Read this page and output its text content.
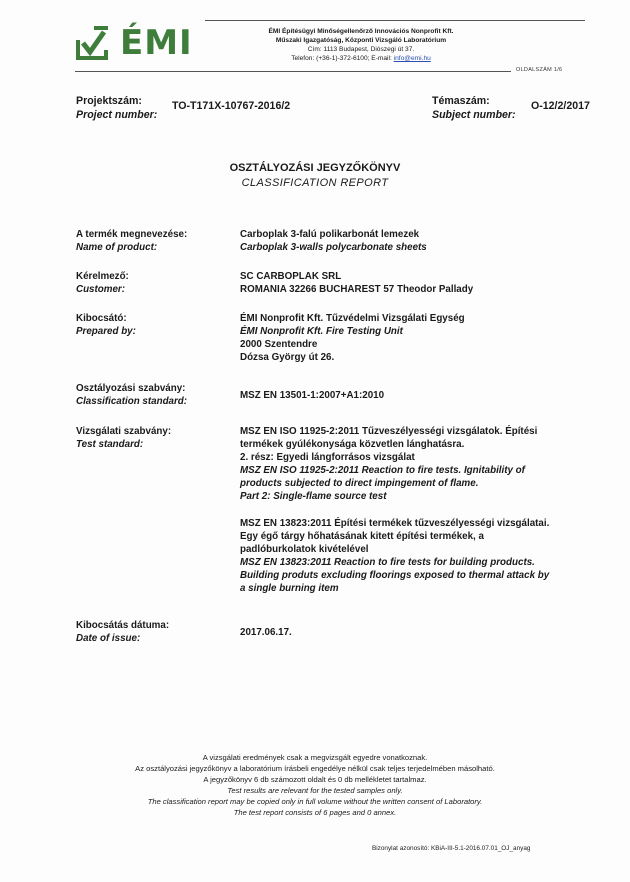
ÉMI	ÉMI Építésügyi Minőségellenőrző Innovációs Nonprofit Kft.
Műszaki Igazgatóság, Központi Vizsgáló Laboratórium
Cím: 1113 Budapest, Diószegi út 37.
Telefon: (+36-1)-372-6100; E-mail: info@emi.hu
OLDALSZÁM 1/6
Projektszám:
Project number:
TO-T171X-10767-2016/2	Témaszám:
Subject number:
O-12/2/2017
OSZTÁLYOZÁSI JEGYZŐKÖNYV
CLASSIFICATION REPORT
A termék megnevezése:
Name of product:
Carboplak 3-falú polikarbonát lemezek
Carboplak 3-walls polycarbonate sheets
Kérelmező:
Customer:
SC CARBOPLAK SRL
ROMANIA 32266 BUCHAREST 57 Theodor Pallady
Kibocsátó:
Prepared by:
ÉMI Nonprofit Kft. Tűzvédelmi Vizsgálati Egység
ÉMI Nonprofit Kft. Fire Testing Unit
2000 Szentendre
Dózsa György út 26.
Osztályozási szabvány:
Classification standard:
MSZ EN 13501-1:2007+A1:2010
Vizsgálati szabvány:
Test standard:
MSZ EN ISO 11925-2:2011 Tűzveszélyességi vizsgálatok. Építési
termékek gyúlékonysága közvetlen lánghatásra.
2. rész: Egyedi lángforrásos vizsgálat
MSZ EN ISO 11925-2:2011 Reaction to fire tests. Ignitability of
products subjected to direct impingement of flame.
Part 2: Single-flame source test
MSZ EN 13823:2011 Építési termékek tűzveszélyességi vizsgálatai.
Egy égő tárgy hőhatásának kitett építési termékek, a
padlóburkolatok kivételével
MSZ EN 13823:2011 Reaction to fire tests for building products.
Building produts excluding floorings exposed to thermal attack by
a single burning item
Kibocsátás dátuma:
Date of issue:
2017.06.17.
A vizsgálati eredmények csak a megvizsgált egyedre vonatkoznak.
Az osztályozási jegyzőkönyv a laboratórium írásbeli engedélye nélkül csak teljes terjedelmében másolható.
A jegyzőkönyv 6 db számozott oldalt és 0 db mellékletet tartalmaz.
Test results are relevant for the tested samples only.
The classification report may be copied only in full volume without the written consent of Laboratory.
The test report consists of 6 pages and 0 annex.
Bizonylat azonosító: KBiA-III-5.1-2016.07.01_OJ_anyag
